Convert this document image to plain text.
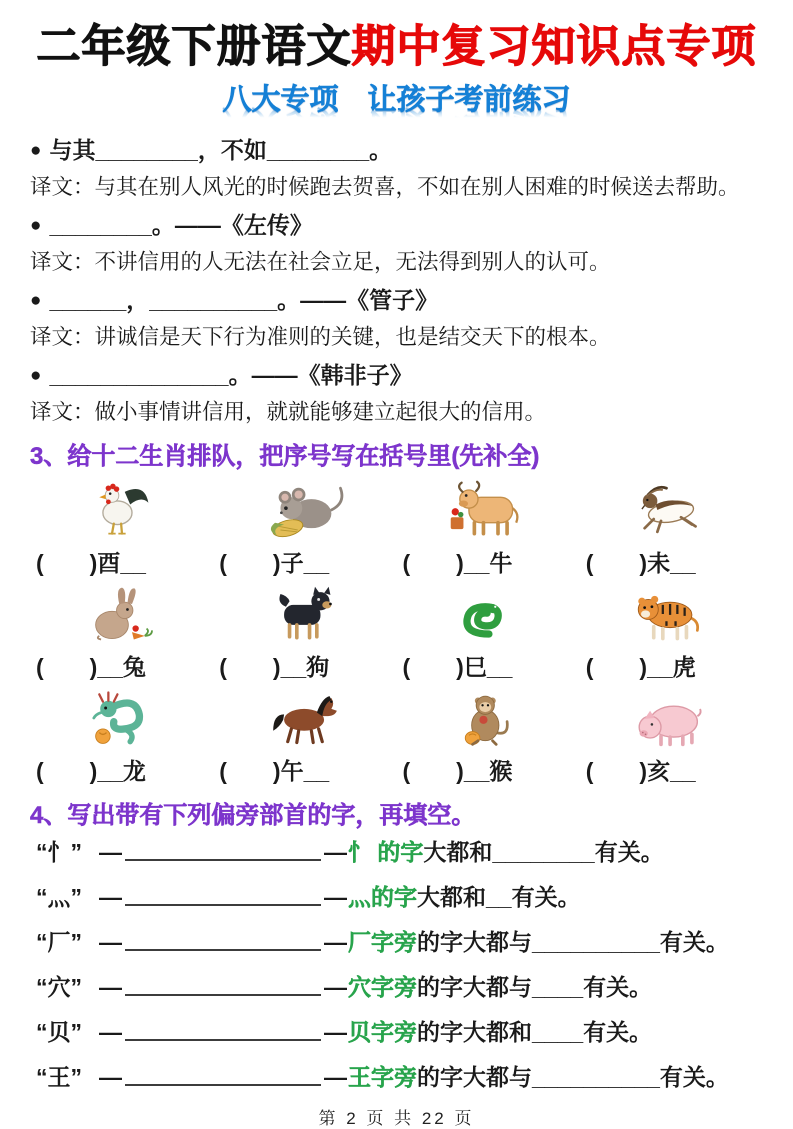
二年级下册语文期中复习知识点专项
八大专项　让孩子考前练习
● 与其________，不如________。
译文：与其在别人风光的时候跑去贺喜，不如在别人困难的时候送去帮助。
● ________。——《左传》
译文：不讲信用的人无法在社会立足，无法得到别人的认可。
● ______，__________。——《管子》
译文：讲诚信是天下行为准则的关键，也是结交天下的根本。
● ______________。——《韩非子》
译文：做小事情讲信用，就就能够建立起很大的信用。
3、给十二生肖排队，把序号写在括号里(先补全)
(　　)酉__	(　　)子__	(　　)__牛	(　　)未__
(　　)__兔	(　　)__狗	(　　)巳__	(　　)__虎
(　　)__龙	(　　)午__	(　　)__猴	(　　)亥__
4、写出带有下列偏旁部首的字，再填空。
“忄” —	— 忄 的字 大都和________有关。
“灬” —	— 灬的字 大都和__有关。
“厂” —	— 厂字旁 的字大都与__________有关。
“穴” —	— 穴字旁 的字大都与____有关。
“贝” —	— 贝字旁 的字大都和____有关。
“王” —	— 王字旁 的字大都与__________有关。
第 2 页 共 22 页
